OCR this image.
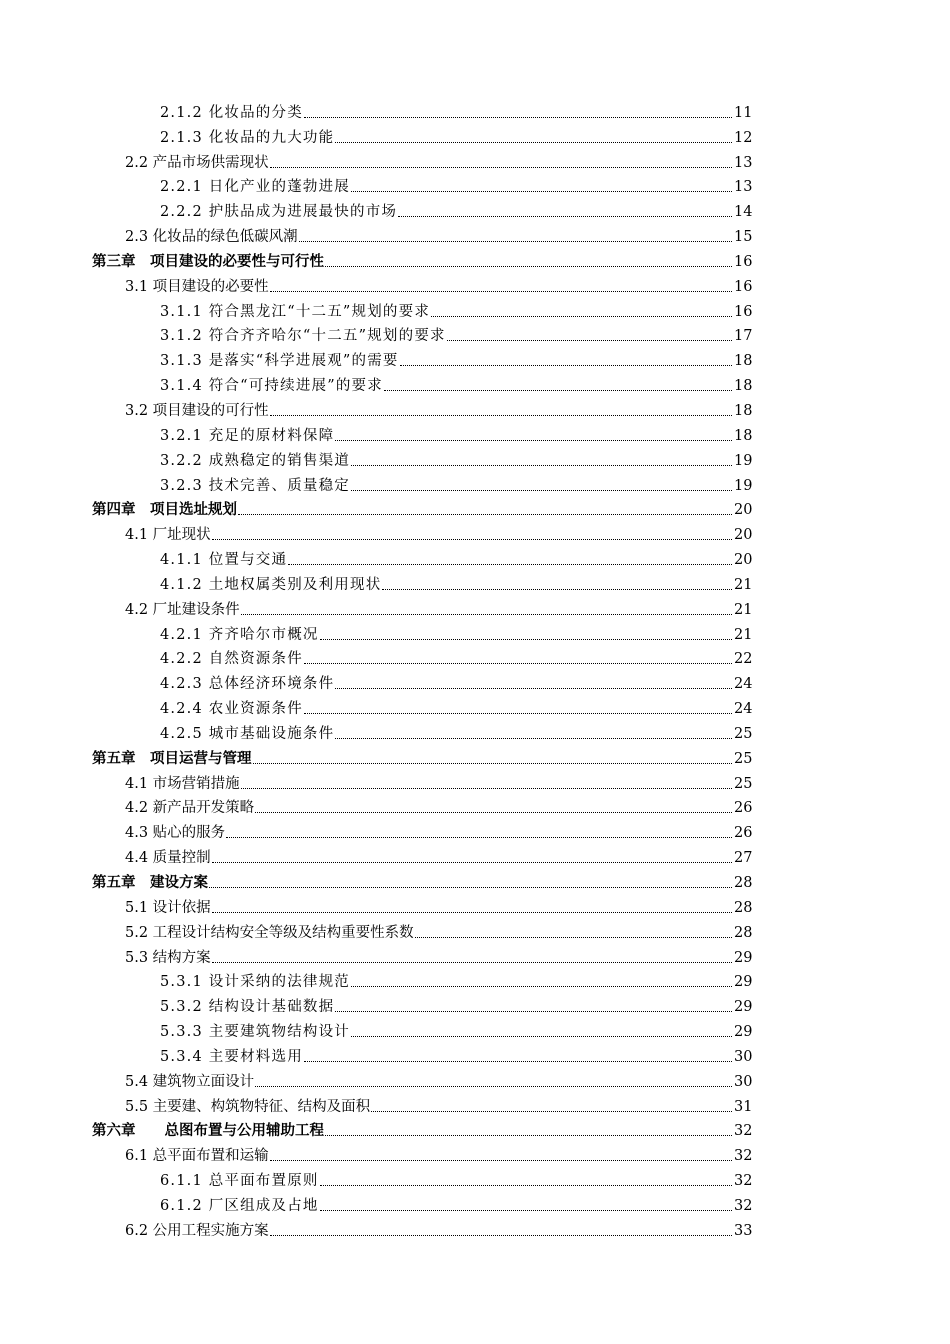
2.1.2 化妆品的分类	11
2.1.3 化妆品的九大功能	12
2.2 产品市场供需现状	13
2.2.1 日化产业的蓬勃进展	13
2.2.2 护肤品成为进展最快的市场	14
2.3 化妆品的绿色低碳风潮	15
第三章　项目建设的必要性与可行性	16
3.1 项目建设的必要性	16
3.1.1 符合黑龙江“十二五”规划的要求	16
3.1.2 符合齐齐哈尔“十二五”规划的要求	17
3.1.3 是落实“科学进展观”的需要	18
3.1.4 符合“可持续进展”的要求	18
3.2 项目建设的可行性	18
3.2.1 充足的原材料保障	18
3.2.2 成熟稳定的销售渠道	19
3.2.3 技术完善、质量稳定	19
第四章　项目选址规划	20
4.1 厂址现状	20
4.1.1 位置与交通	20
4.1.2 土地权属类别及利用现状	21
4.2 厂址建设条件	21
4.2.1 齐齐哈尔市概况	21
4.2.2 自然资源条件	22
4.2.3 总体经济环境条件	24
4.2.4 农业资源条件	24
4.2.5 城市基础设施条件	25
第五章　项目运营与管理	25
4.1 市场营销措施	25
4.2 新产品开发策略	26
4.3 贴心的服务	26
4.4 质量控制	27
第五章　建设方案	28
5.1 设计依据	28
5.2 工程设计结构安全等级及结构重要性系数	28
5.3 结构方案	29
5.3.1 设计采纳的法律规范	29
5.3.2 结构设计基础数据	29
5.3.3 主要建筑物结构设计	29
5.3.4 主要材料选用	30
5.4 建筑物立面设计	30
5.5 主要建、构筑物特征、结构及面积	31
第六章　　总图布置与公用辅助工程	32
6.1 总平面布置和运输	32
6.1.1 总平面布置原则	32
6.1.2 厂区组成及占地	32
6.2 公用工程实施方案	33
